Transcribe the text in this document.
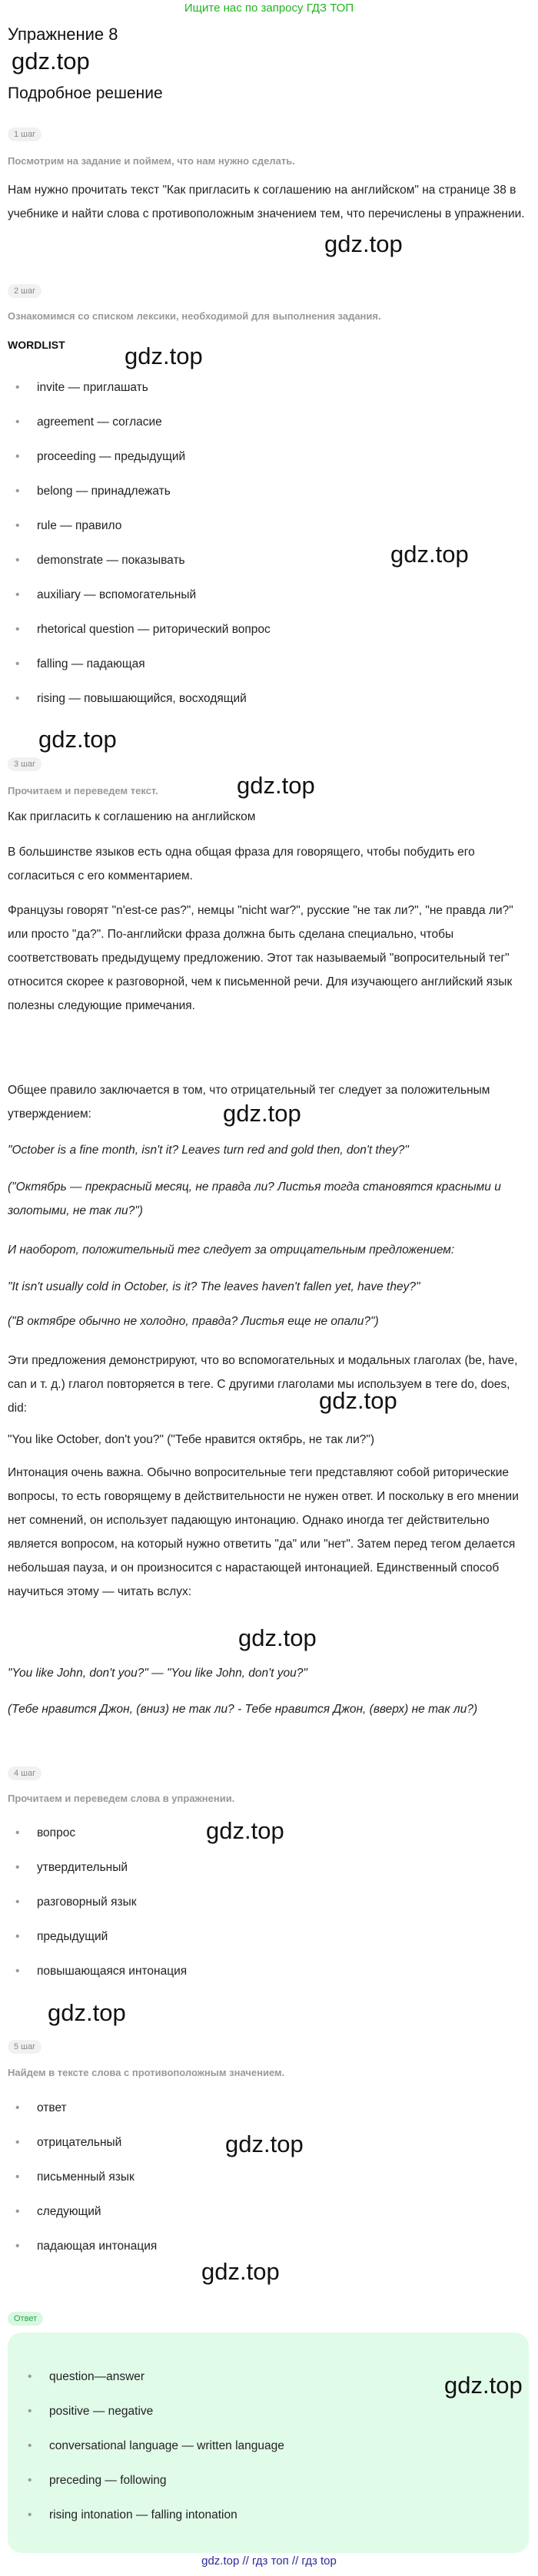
Ищите нас по запросу ГДЗ ТОП
Упражнение 8
gdz.top
Подробное решение
1 шаг
Посмотрим на задание и поймем, что нам нужно сделать.
Нам нужно прочитать текст "Как пригласить к соглашению на английском" на странице 38 в учебнике и найти слова с противоположным значением тем, что перечислены в упражнении.
gdz.top
2 шаг
Ознакомимся со списком лексики, необходимой для выполнения задания.
WORDLIST gdz.top
• invite — приглашать
• agreement — согласие
• proceeding — предыдущий
• belong — принадлежать
• rule — правило
• demonstrate — показывать
• auxiliary — вспомогательный
• rhetorical question — риторический вопрос
• falling — падающая
• rising — повышающийся, восходящий
gdz.top
gdz.top
3 шаг
gdz.top
Прочитаем и переведем текст.
Как пригласить к соглашению на английском
В большинстве языков есть одна общая фраза для говорящего, чтобы побудить его согласиться с его комментарием.
Французы говорят "n'est-ce pas?", немцы "nicht war?", русские "не так ли?", "не правда ли?" или просто "да?". По-английски фраза должна быть сделана специально, чтобы соответствовать предыдущему предложению. Этот так называемый "вопросительный тег" относится скорее к разговорной, чем к письменной речи. Для изучающего английский язык полезны следующие примечания.
Общее правило заключается в том, что отрицательный тег следует за положительным утверждением:	gdz.top
"October is a fine month, isn't it? Leaves turn red and gold then, don't they?"
("Октябрь — прекрасный месяц, не правда ли? Листья тогда становятся красными и золотыми, не так ли?")
И наоборот, положительный тег следует за отрицательным предложением:
"It isn't usually cold in October, is it? The leaves haven't fallen yet, have they?"
("В октябре обычно не холодно, правда? Листья еще не опали?")
Эти предложения демонстрируют, что во вспомогательных и модальных глаголах (be, have, can и т. д.) глагол повторяется в теге. С другими глаголами мы используем в теге do, does, did:	gdz.top
"You like October, don't you?" ("Тебе нравится октябрь, не так ли?")
Интонация очень важна. Обычно вопросительные теги представляют собой риторические вопросы, то есть говорящему в действительности не нужен ответ. И поскольку в его мнении нет сомнений, он использует падающую интонацию. Однако иногда тег действительно является вопросом, на который нужно ответить "да" или "нет". Затем перед тегом делается небольшая пауза, и он произносится с нарастающей интонацией. Единственный способ научиться этому — читать вслух:
gdz.top
"You like John, don't you?" — "You like John, don't you?"
(Тебе нравится Джон, (вниз) не так ли? - Тебе нравится Джон, (вверх) не так ли?)
4 шаг
Прочитаем и переведем слова в упражнении.
gdz.top
• вопрос
• утвердительный
• разговорный язык
• предыдущий
• повышающаяся интонация
gdz.top
5 шаг
Найдем в тексте слова с противоположным значением.
• ответ
• отрицательный
• письменный язык
• следующий
• падающая интонация
gdz.top
gdz.top
Ответ
• question—answer
• positive — negative
• conversational language — written language
• preceding — following
• rising intonation — falling intonation
gdz.top
gdz.top // гдз топ // гдз top
